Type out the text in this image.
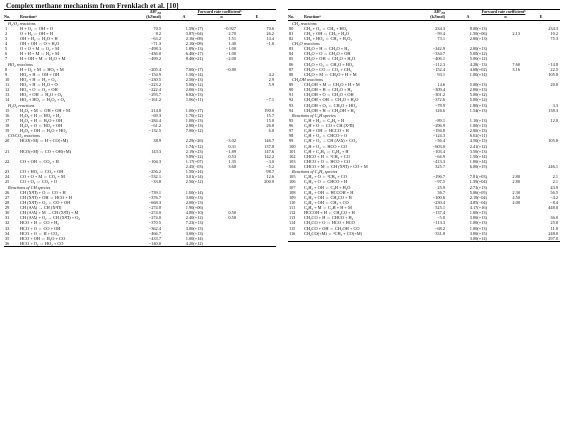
Complex methane mechanism from Frenklach et al. [10]
		ΔH°₂₉₈	Forward rate coefficientᵇ		
No.	Reactionᵃ	(kJ/mol)	A	n	E
H₂/O₂ reactions					
1	H + O₂ ⇔ OH + O	70.5	1.59(+17)	−0.927	70.6
2	O + H₂ ⇔ OH + H	8.2	3.87(+04)	2.70	26.2
3	OH + H₂ ⇔ H₂O + H	−63.2	2.16(+08)	1.51	14.4
4	OH + OH ⇔ O + H₂O	−71.3	2.10(+08)	1.40	−1.6
5	O + O + M ⇔ O₂ + M	−498.3	1.89(+13)	−1.00	
6	H + H + M ⇔ H₂ + M	−436.0	6.40(+17)	−1.00	
7	H + OH + M ⇔ H₂O + M	−499.2	8.40(+21)	−2.00	
HO₂ reactions					
8	H + O₂ + M ⇔ HO₂ + M	−205.4	7.00(+17)	−0.80	
9	HO₂ + H ⇔ OH + OH	−154.9	1.50(+14)		4.2
10	HO₂ + H ⇔ H₂ + O₂	−230.5	2.50(+13)		2.9
11	HO₂ + H ⇔ H₂O + O	−223.2	5.00(+12)		5.9
12	HO₂ + O ⇔ O₂ + OH	−222.4	2.00(+13)		
13	HO₂ + OH ⇔ H₂O + O₂	−293.7	6.02(+13)		
14	HO₂ + HO₂ ⇔ H₂O₂ + O₂	−161.2	1.06(+11)		−7.1
H₂O₂ reactions					
15	H₂O₂ + M ⇔ OH + OH + M	214.8	1.00(+17)		190.0
16	H₂O₂ + H ⇔ HO₂ + H₂	−69.3	1.70(+12)		15.7
17	H₂O₂ + H ⇔ H₂O + OH	−284.4	1.00(+13)		15.0
18	H₂O₂ + O ⇔ HO₂ + OH	−61.2	2.80(+13)		26.8
19	H₂O₂ + OH ⇔ H₂O + HO₂	−132.5	7.00(+12)		6.0
CO/CO₂ reactions					
20	HCO(+M) ⇔ H + CO(+M)	38.9	2.29(+26)	−3.02	146.7
			1.74(+12)	0.31	137.8
21	HCO(+M) ⇔ CO + OH(+M)	143.3	2.19(+23)	−1.89	147.6
			5.89(+12)	0.53	142.2
22	CO + OH ⇔ CO₂ + H	−104.3	1.17(+07)	1.35	−3.0
			2.45(−03)	3.68	−5.2
23	CO + HO₂ ⇔ CO₂ + OH	−256.2	1.50(+14)		98.7
24	CO + O + M ⇔ CO₂ + M	−532.1	3.01(+14)		12.6
25	CO + O₂ ⇔ CO₂ + O	−33.8	2.50(+12)		200.0
Reactions of CH species					
26	CH (X²Π) + O ⇔ CO + H	−739.1	1.00(+14)		
27	CH (X²Π) + OH ⇔ HCO + H	−376.7	3.00(+13)		
28	CH (X²Π) + O₂ ⇔ CO + OH	−668.3	2.00(+13)		
29	CH (A²Δ) → CH (X²Π)	−274.0	1.90(+06)		
30	CH (A²Δ) + M → CH (X²Π) + M	−274.0	4.00(+10)	0.50	
31	CH (A²Δ) + O₂ → CH (X²Π) + O₂	−274.0	2.40(+12)	0.50	
32	HCO + H ⇔ CO + H₂	−370.5	7.23(+13)		
33	HCO + O ⇔ CO + OH	−362.4	3.00(+13)		
34	HCO + O ⇔ H + CO₂	−466.7	3.00(+13)		
35	HCO + OH ⇔ H₂O + CO	−433.7	1.00(+14)		
36	HCO + O₂ ⇔ HO₂ + CO	−140.0	4.20(+12)		
		ΔH°₂₉₈	Forward rate coefficientᵇ		
No.	Reactionᵃ	(kJ/mol)	A	n	E
CH₄ reactions					
80	CH₄ + O₂ ⇔ CH₃ + HO₂	234.3	8.00(+13)		234.3
81	CH₄ + OH ⇔ CH₃ + H₂O	−59.4	1.50(+06)	2.13	10.2
82	CH₄ + HO₂ ⇔ CH₃ + H₂O₂	73.1	2.00(+13)		75.3
CH₃O reactions					
83	CH₃O + H ⇔ CH₂O + H₂	−342.9	2.00(+13)		
84	CH₃O + O ⇔ CH₂O + OH	−334.7	5.00(+12)		
85	CH₃O + OH ⇔ CH₂O + H₂O	−406.1	5.00(+12)		
86	CH₃O + O₂ ⇔ CH₂O + HO₂	−112.3	4.28(−13)	7.60	−14.8
87	CH₃O + CO ⇔ CO₂ + CH₃	−152.4	4.68(+02)	3.16	22.5
88	CH₃O + M ⇔ CH₂O + H + M	93.1	1.00(+14)		105.0
CH₂OH reactions					
89	CH₂OH + M ⇔ CH₂O + H + M	14.6	5.00(+13)		20.0
90	CH₂OH + H ⇔ CH₂O + H₂	−309.4	2.00(+13)		
91	CH₂OH + O ⇔ CH₂O + OH	−301.2	5.00(+12)		
92	CH₂OH + OH ⇔ CH₂O + H₂O	−372.6	5.00(+12)		
93	CH₂OH + O₂ ⇔ CH₂O + HO₂	−78.9	1.80(+13)		3.3
94	CH₃OH + H ⇔ CH₂OH + H₂	126.6	1.54(+13)		138.3
Reactions of C₂H species					
95	C₂H + H₂ ⇔ C₂H₂ + H	−89.1	1.10(+13)		12.0
96	C₂H + O ⇔ CO + CH (X²Π)	−296.9	1.00(+13)		
97	C₂H + OH ⇔ HCCO + H	−194.8	2.00(+13)		
98	C₂H + O₂ ⇔ CHCO + O	−124.3	6.02(+11)		
99	C₂H + O₂ → CH (A²Δ) + CO₂	−56.4	4.50(+15)		105.0
100	C₂H + O₂ ⇔ HCO + CO	−603.0	2.41(+12)		
101	C₂H + C₂H₂ ⇔ C₄H₂ + H	−103.4	3.50(+13)		
102	CHCO + H ⇔ ¹CH₂ + CO	−64.9	1.50(+14)		
103	CHCO + O ⇔ HCO + CO	−413.3	1.00(+14)		
104	CHCO + M ⇔ CH (X²Π) + CO + M	325.7	6.00(+15)		246.1
Reactions of C₂H₂ species					
105	C₂H₂ + O ⇔ ³CH₂ + CO	−196.7	7.81(+03)	2.80	2.1
106	C₂H₂ + O ⇔ CHCO + H	−97.5	1.39(+04)	2.80	2.1
107	C₂H₂ + OH ⇔ C₂H + H₂O	25.9	2.71(+13)		43.9
108	C₂H₂ + OH ⇔ HCCOH + H	36.7	5.06(+05)	2.30	56.5
109	C₂H₂ + OH ⇔ CH₂CO + H	−100.6	2.19(−04)	4.50	−4.2
110	C₂H₂ + OH ⇔ CH₃ + CO	−230.4	4.85(−04)	4.00	−8.4
111	C₂H₂ + M ⇔ C₂H + H + M	525.1	4.17(+16)		448.0
112	HCCOH + H ⇔ CH₂CO + H	−137.4	1.00(+13)		
113	CH₂CO + H ⇔ CHCO + H₂	−5.0	3.00(+13)		36.0
114	CH₂CO + O ⇔ HCO + HCO	−113.3	1.00(+13)		25.0
115	CH₂CO + OH ⇔ CH₂OH + CO	−68.2	1.00(+13)		11.0
116	CH₂CO(+M) ⇔ ³CH₂ + CO(+M)	331.8	3.00(+15)		248.0
			3.00(+14)		297.0
